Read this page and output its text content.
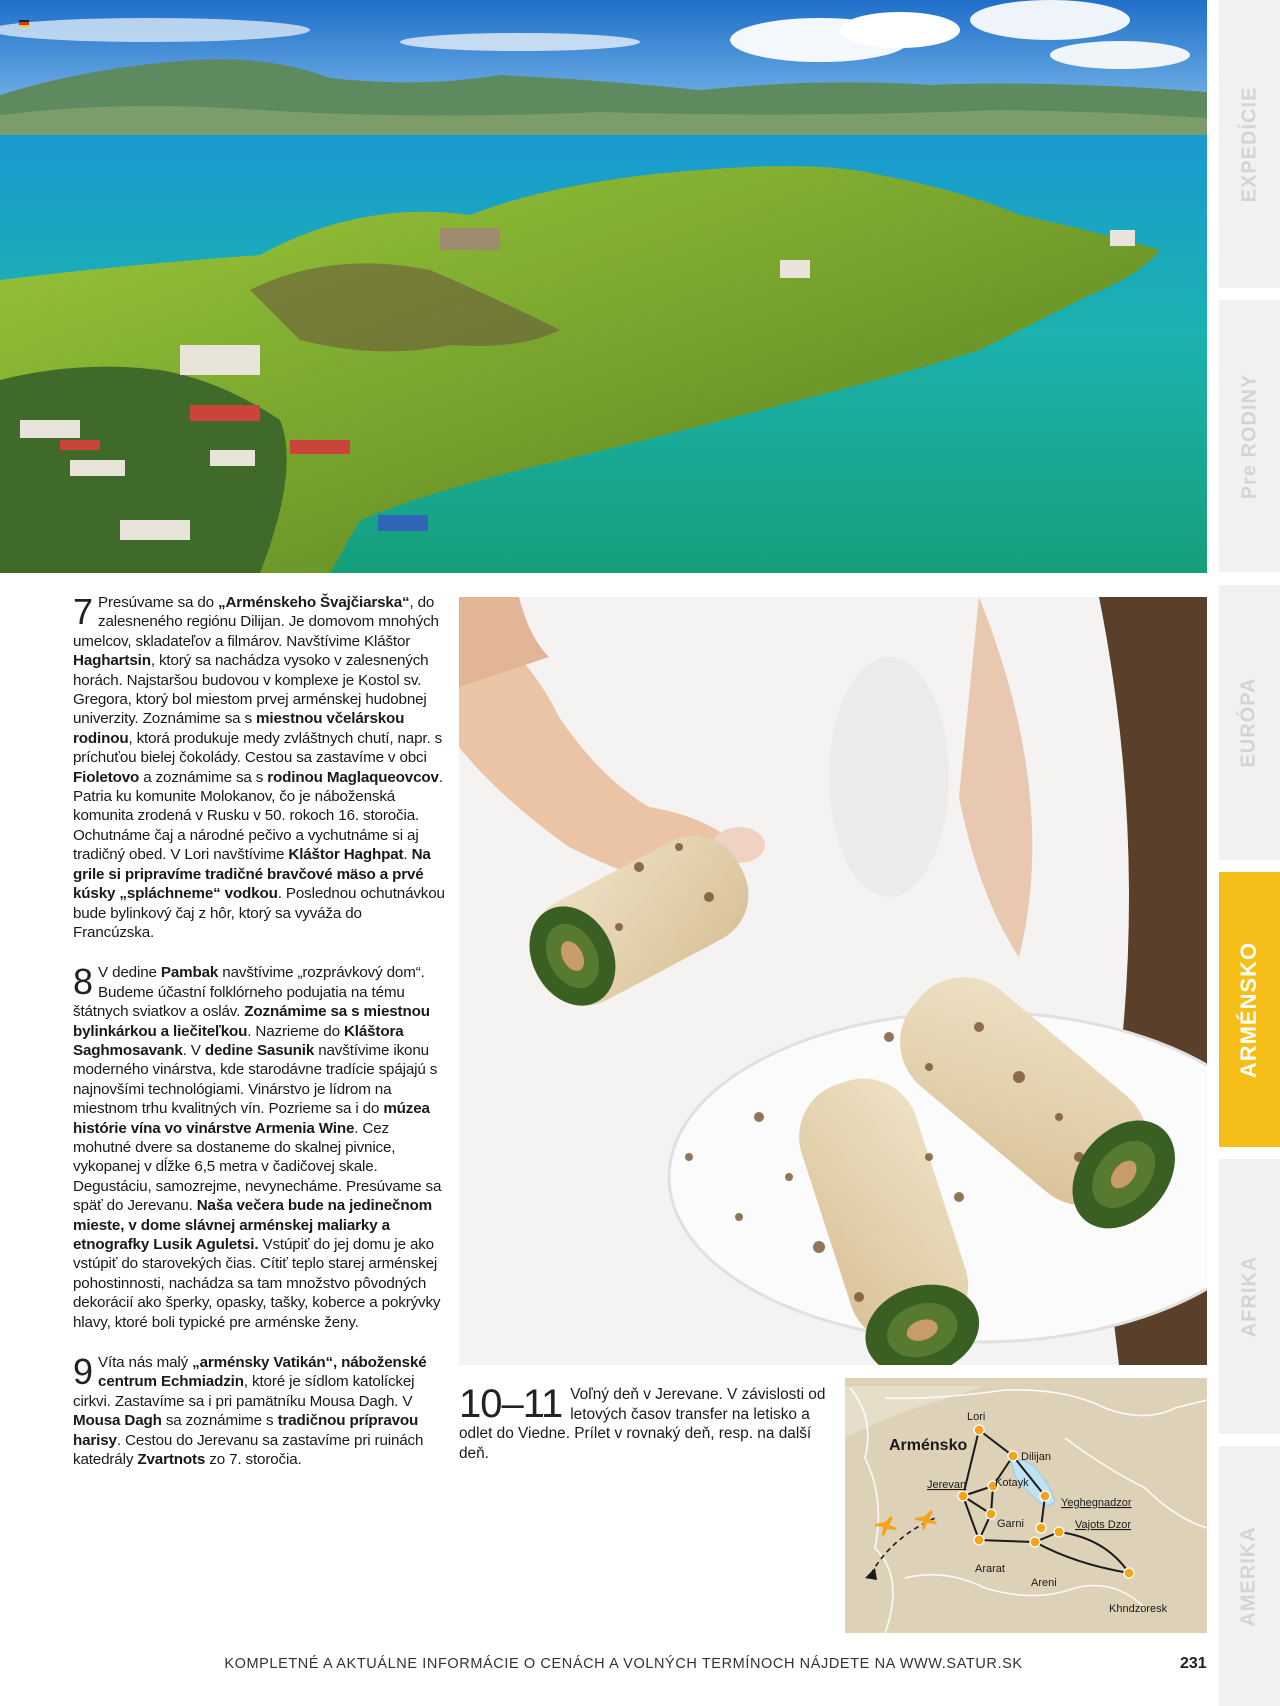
EXPEDÍCIE
Pre RODINY
EURÓPA
ARMÉNSKO
AFRIKA
AMERIKA
7 Presúvame sa do „Arménskeho Švajčiarska“, do zalesneného regiónu Dilijan. Je domovom mnohých umelcov, skladateľov a filmárov. Navštívime Kláštor Haghartsin, ktorý sa nachádza vysoko v zalesnených horách. Najstaršou budovou v komplexe je Kostol sv. Gregora, ktorý bol miestom prvej arménskej hudobnej univerzity. Zoznámime sa s miestnou včelárskou rodinou, ktorá produkuje medy zvláštnych chutí, napr. s príchuťou bielej čokolády. Cestou sa zastavíme v obci Fioletovo a zoznámime sa s rodinou Maglaqueovcov. Patria ku komunite Molokanov, čo je náboženská komunita zrodená v Rusku v 50. rokoch 16. storočia. Ochutnáme čaj a národné pečivo a vychutnáme si aj tradičný obed. V Lori navštívime Kláštor Haghpat. Na grile si pripravíme tradičné bravčové mäso a prvé kúsky „spláchneme“ vodkou. Poslednou ochutnávkou bude bylinkový čaj z hôr, ktorý sa vyváža do Francúzska.
8 V dedine Pambak navštívime „rozprávkový dom“. Budeme účastní folklórneho podujatia na tému štátnych sviatkov a osláv. Zoznámime sa s miestnou bylinkárkou a liečiteľkou. Nazrieme do Kláštora Saghmosavank. V dedine Sasunik navštívime ikonu moderného vinárstva, kde starodávne tradície spájajú s najnovšími technológiami. Vinárstvo je lídrom na miestnom trhu kvalitných vín. Pozrieme sa i do múzea histórie vína vo vinárstve Armenia Wine. Cez mohutné dvere sa dostaneme do skalnej pivnice, vykopanej v dĺžke 6,5 metra v čadičovej skale. Degustáciu, samozrejme, nevynecháme. Presúvame sa späť do Jerevanu. Naša večera bude na jedinečnom mieste, v dome slávnej arménskej maliarky a etnografky Lusik Aguletsi. Vstúpiť do jej domu je ako vstúpiť do starovekých čias. Cítiť teplo starej arménskej pohostinnosti, nachádza sa tam množstvo pôvodných dekorácií ako šperky, opasky, tašky, koberce a pokrývky hlavy, ktoré boli typické pre arménske ženy.
9 Víta nás malý „arménsky Vatikán“, náboženské centrum Echmiadzin, ktoré je sídlom katolíckej cirkvi. Zastavíme sa i pri pamätníku Mousa Dagh. V Mousa Dagh sa zoznámime s tradičnou prípravou harisy. Cestou do Jerevanu sa zastavíme pri ruinách katedrály Zvartnots zo 7. storočia.
10–11 Voľný deň v Jerevane. V závislosti od letových časov transfer na letisko a odlet do Viedne. Prílet v rovnaký deň, resp. na další deň.	Arménsko
Lori
Dilijan
Jerevan	Kotayk
Yeghegnadzor
Garni	Vajots Dzor
Ararat
Areni
Khndzoresk
KOMPLETNÉ A AKTUÁLNE INFORMÁCIE O CENÁCH A VOLNÝCH TERMÍNOCH NÁJDETE NA WWW.SATUR.SK	231
